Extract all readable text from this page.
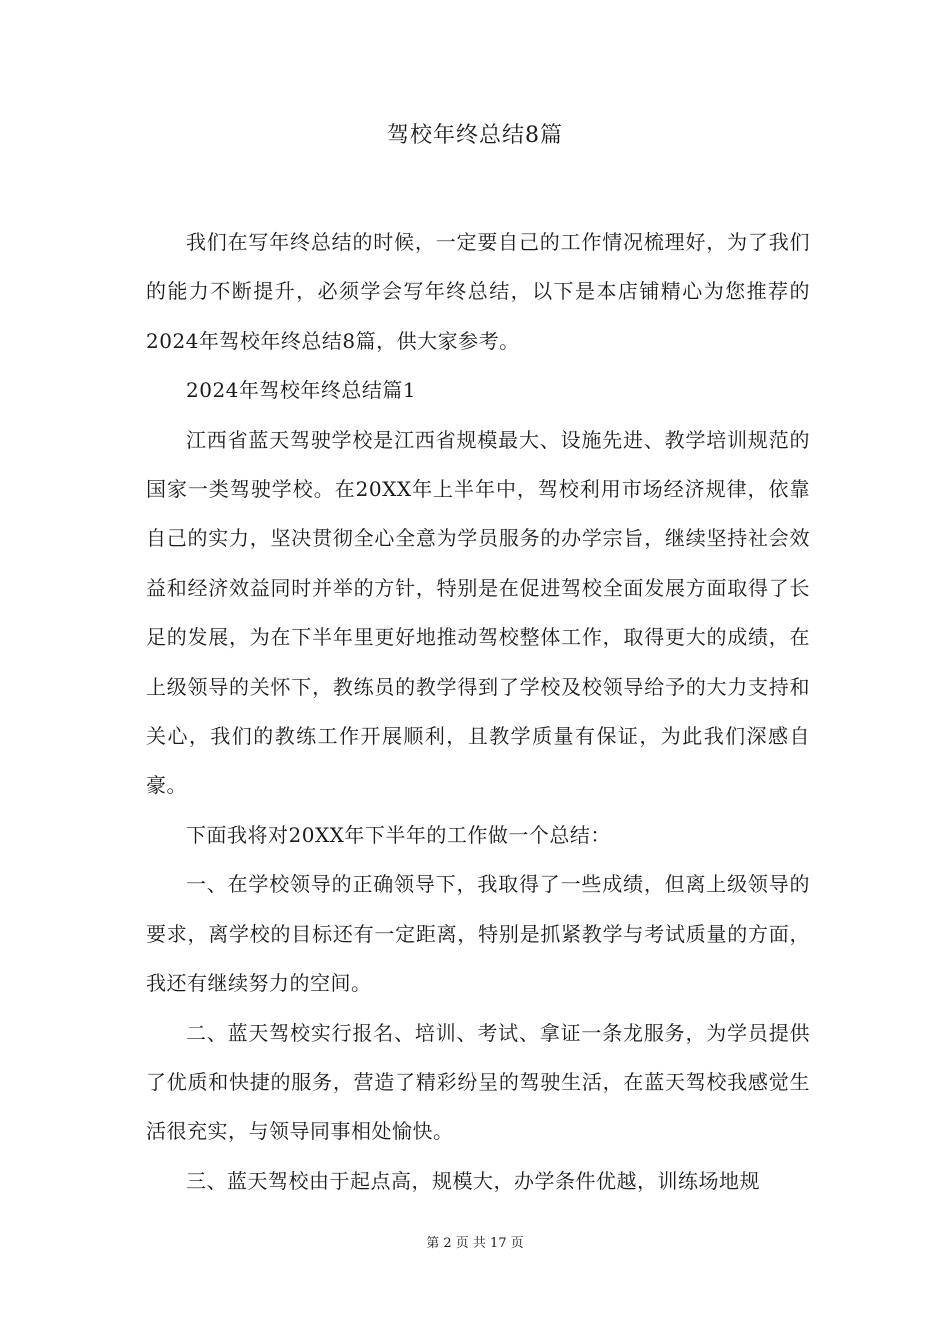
驾校年终总结8篇

我们在写年终总结的时候，一定要自己的工作情况梳理好，为了我们的能力不断提升，必须学会写年终总结，以下是本店铺精心为您推荐的2024年驾校年终总结8篇，供大家参考。

2024年驾校年终总结篇1

江西省蓝天驾驶学校是江西省规模最大、设施先进、教学培训规范的国家一类驾驶学校。在20XX年上半年中，驾校利用市场经济规律，依靠自己的实力，坚决贯彻全心全意为学员服务的办学宗旨，继续坚持社会效益和经济效益同时并举的方针，特别是在促进驾校全面发展方面取得了长足的发展，为在下半年里更好地推动驾校整体工作，取得更大的成绩，在上级领导的关怀下，教练员的教学得到了学校及校领导给予的大力支持和关心，我们的教练工作开展顺利，且教学质量有保证，为此我们深感自豪。

下面我将对20XX年下半年的工作做一个总结：

一、在学校领导的正确领导下，我取得了一些成绩，但离上级领导的要求，离学校的目标还有一定距离，特别是抓紧教学与考试质量的方面，我还有继续努力的空间。

二、蓝天驾校实行报名、培训、考试、拿证一条龙服务，为学员提供了优质和快捷的服务，营造了精彩纷呈的驾驶生活，在蓝天驾校我感觉生活很充实，与领导同事相处愉快。

三、蓝天驾校由于起点高，规模大，办学条件优越，训练场地规

第 2 页 共 17 页
